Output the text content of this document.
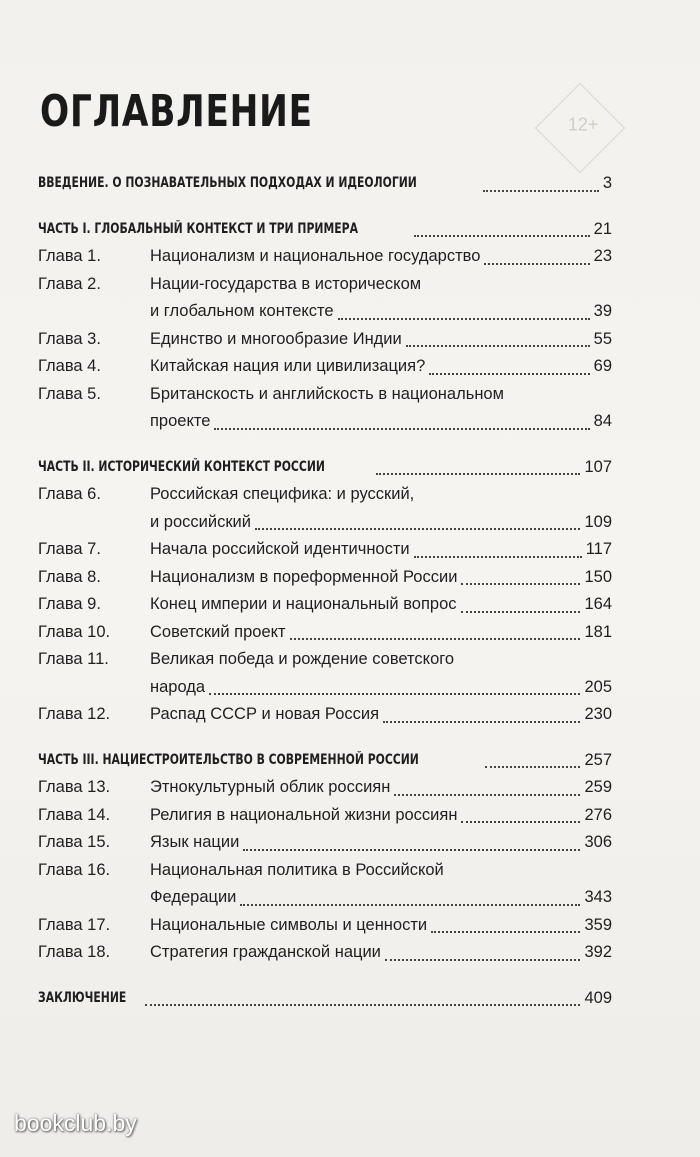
12+
ОГЛАВЛЕНИЕ
ВВЕДЕНИЕ. О ПОЗНАВАТЕЛЬНЫХ ПОДХОДАХ И ИДЕОЛОГИИ	3
ЧАСТЬ I. ГЛОБАЛЬНЫЙ КОНТЕКСТ И ТРИ ПРИМЕРА	21
Глава 1.	Национализм и национальное государство	23
Глава 2.	Нации-государства в историческом
и глобальном контексте	39
Глава 3.	Единство и многообразие Индии	55
Глава 4.	Китайская нация или цивилизация?	69
Глава 5.	Британскость и английскость в национальном
проекте	84
ЧАСТЬ II. ИСТОРИЧЕСКИЙ КОНТЕКСТ РОССИИ	107
Глава 6.	Российская специфика: и русский,
и российский	109
Глава 7.	Начала российской идентичности	117
Глава 8.	Национализм в пореформенной России	150
Глава 9.	Конец империи и национальный вопрос	164
Глава 10.	Советский проект	181
Глава 11.	Великая победа и рождение советского
народа	205
Глава 12.	Распад СССР и новая Россия	230
ЧАСТЬ III. НАЦИЕСТРОИТЕЛЬСТВО В СОВРЕМЕННОЙ РОССИИ	257
Глава 13.	Этнокультурный облик россиян	259
Глава 14.	Религия в национальной жизни россиян	276
Глава 15.	Язык нации	306
Глава 16.	Национальная политика в Российской
Федерации	343
Глава 17.	Национальные символы и ценности	359
Глава 18.	Стратегия гражданской нации	392
ЗАКЛЮЧЕНИЕ	409
bookclub.by
